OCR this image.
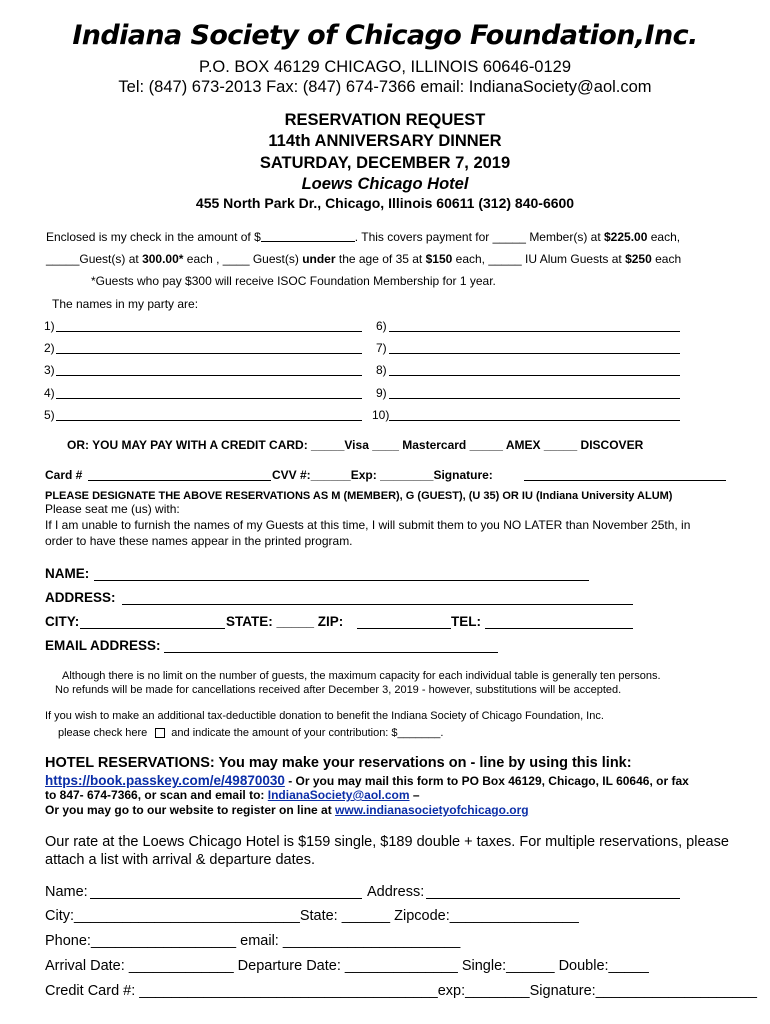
Indiana Society of Chicago Foundation,Inc.
P.O. BOX 46129 CHICAGO, ILLINOIS 60646-0129
Tel: (847) 673-2013 Fax: (847) 674-7366 email: IndianaSociety@aol.com
RESERVATION REQUEST
114th ANNIVERSARY DINNER
SATURDAY, DECEMBER 7, 2019
Loews Chicago Hotel
455 North Park Dr., Chicago, Illinois 60611 (312) 840-6600
Enclosed is my check in the amount of $	. This covers payment for _____ Member(s) at $225.00 each,
_____Guest(s) at 300.00* each , ____ Guest(s) under the age of 35 at $150 each, _____ IU Alum Guests at $250 each
*Guests who pay $300 will receive ISOC Foundation Membership for 1 year.
The names in my party are:
1)
2)
3)
4)
5)
6)
7)
8)
9)
10)
OR: YOU MAY PAY WITH A CREDIT CARD: _____Visa ____ Mastercard _____ AMEX _____ DISCOVER
Card #	CVV #:______Exp: ________Signature:
PLEASE DESIGNATE THE ABOVE RESERVATIONS AS M (MEMBER), G (GUEST), (U 35) OR IU (Indiana University ALUM)
Please seat me (us) with:
If I am unable to furnish the names of my Guests at this time, I will submit them to you NO LATER than November 25th, in
order to have these names appear in the printed program.
NAME:
ADDRESS:
CITY:	STATE: _____ ZIP:	TEL:
EMAIL ADDRESS:
Although there is no limit on the number of guests, the maximum capacity for each individual table is generally ten persons.
No refunds will be made for cancellations received after December 3, 2019 - however, substitutions will be accepted.
If you wish to make an additional tax-deductible donation to benefit the Indiana Society of Chicago Foundation, Inc.
please check here and indicate the amount of your contribution: $_______.
HOTEL RESERVATIONS: You may make your reservations on - line by using this link:
https://book.passkey.com/e/49870030 - Or you may mail this form to PO Box 46129, Chicago, IL 60646, or fax
to 847- 674-7366, or scan and email to: IndianaSociety@aol.com –
Or you may go to our website to register on line at www.indianasocietyofchicago.org
Our rate at the Loews Chicago Hotel is $159 single, $189 double + taxes. For multiple reservations, please
attach a list with arrival & departure dates.
Name:	Address:
City:____________________________State: ______ Zipcode:________________
Phone:__________________ email: ______________________
Arrival Date: _____________ Departure Date: ______________ Single:______ Double:_____
Credit Card #: _____________________________________exp:________Signature:____________________
